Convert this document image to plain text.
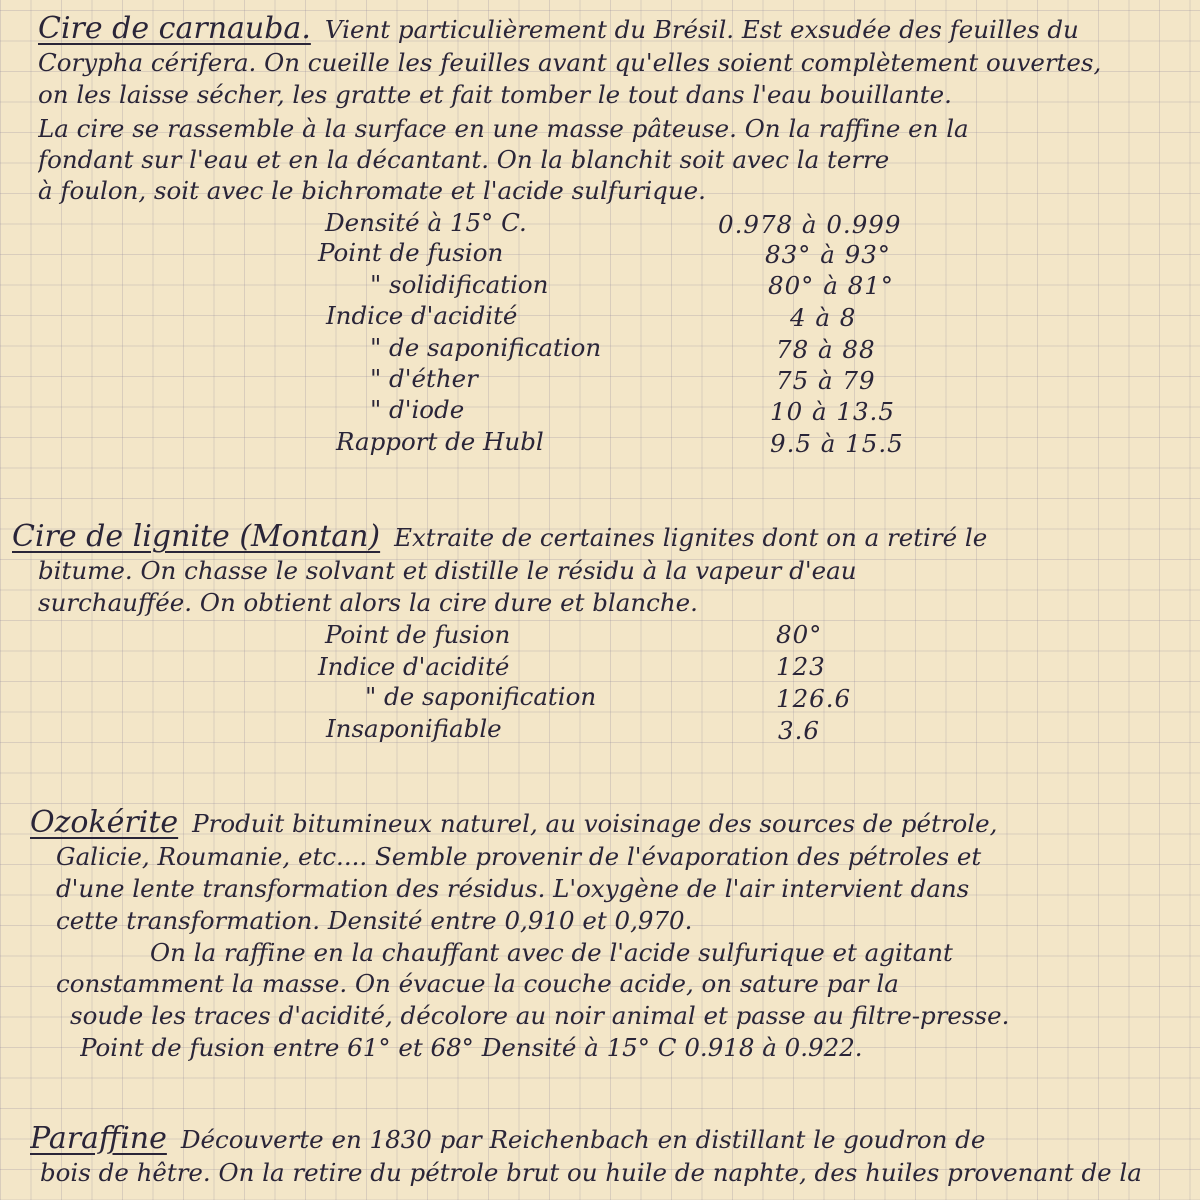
Cire de carnauba. Vient particulièrement du Brésil. Est exsudée des feuilles du
Corypha cérifera. On cueille les feuilles avant qu'elles soient complètement ouvertes,
on les laisse sécher, les gratte et fait tomber le tout dans l'eau bouillante.
La cire se rassemble à la surface en une masse pâteuse. On la raffine en la
fondant sur l'eau et en la décantant. On la blanchit soit avec la terre
à foulon, soit avec le bichromate et l'acide sulfurique.
Densité à 15° C.	0.978 à 0.999
Point de fusion	83° à 93°
" solidification	80° à 81°
Indice d'acidité	4 à 8
" de saponification	78 à 88
" d'éther	75 à 79
" d'iode	10 à 13.5
Rapport de Hubl	9.5 à 15.5
Cire de lignite (Montan) Extraite de certaines lignites dont on a retiré le
bitume. On chasse le solvant et distille le résidu à la vapeur d'eau
surchauffée. On obtient alors la cire dure et blanche.
Point de fusion	80°
Indice d'acidité	123
" de saponification	126.6
Insaponifiable	3.6
Ozokérite Produit bitumineux naturel, au voisinage des sources de pétrole,
Galicie, Roumanie, etc.... Semble provenir de l'évaporation des pétroles et
d'une lente transformation des résidus. L'oxygène de l'air intervient dans
cette transformation. Densité entre 0,910 et 0,970.
On la raffine en la chauffant avec de l'acide sulfurique et agitant
constamment la masse. On évacue la couche acide, on sature par la
soude les traces d'acidité, décolore au noir animal et passe au filtre-presse.
Point de fusion entre 61° et 68° Densité à 15° C 0.918 à 0.922.
Paraffine Découverte en 1830 par Reichenbach en distillant le goudron de
bois de hêtre. On la retire du pétrole brut ou huile de naphte, des huiles provenant de la
